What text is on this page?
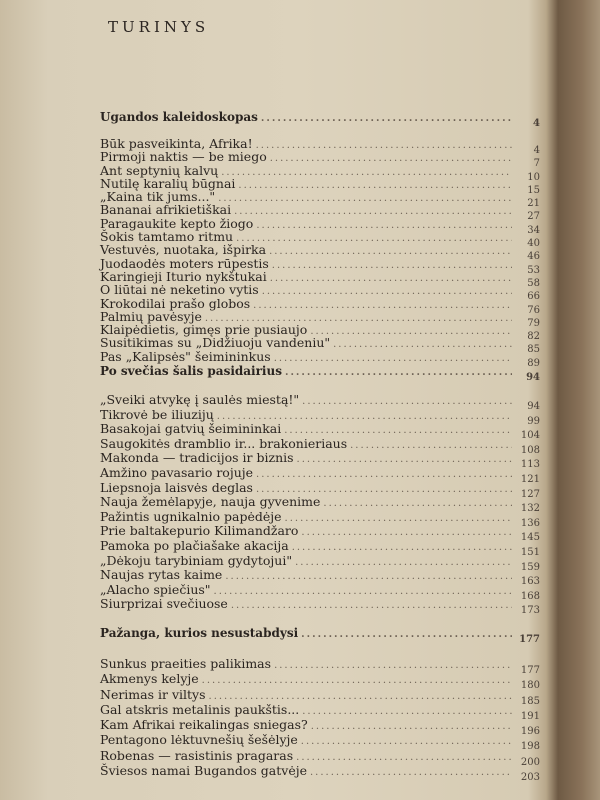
TURINYS
Ugandos kaleidoskopas .....	4
Būk pasveikinta, Afrika! .....	4
Pirmoji naktis — be miego .....	7
Ant septynių kalvų .....	10
Nutilę karalių būgnai .....	15
„Kaina tik jums..." .....	21
Bananai afrikietiškai .....	27
Paragaukite kepto žiogo .....	34
Šokis tamtamo ritmu .....	40
Vestuvės, nuotaka, išpirka .....	46
Juodaodės moters rūpestis .....	53
Karingieji Iturio nykštukai .....	58
O liūtai nė neketino vytis .....	66
Krokodilai prašo globos .....	76
Palmių pavėsyje .....	79
Klaipėdietis, gimęs prie pusiaujo .....	82
Susitikimas su „Didžiuoju vandeniu" .....	85
Pas „Kalipsės" šeimininkus .....	89
Po svečias šalis pasidairius .....	94
„Sveiki atvykę į saulės miestą!" .....	94
Tikrovė be iliuzijų .....	99
Basakojai gatvių šeimininkai .....	104
Saugokitės dramblio ir... brakonieriaus .....	108
Makonda — tradicijos ir biznis .....	113
Amžino pavasario rojuje .....	121
Liepsnoja laisvės deglas .....	127
Nauja žemėlapyje, nauja gyvenime .....	132
Pažintis ugnikalnio papėdėje .....	136
Prie baltakepurio Kilimandžaro .....	145
Pamoka po plačiašake akacija .....	151
„Dėkoju tarybiniam gydytojui" .....	159
Naujas rytas kaime .....	163
„Alacho spiečius" .....	168
Siurprizai svečiuose .....	173
Pažanga, kurios nesustabdysi .....	177
Sunkus praeities palikimas .....	177
Akmenys kelyje .....	180
Nerimas ir viltys .....	185
Gal atskris metalinis paukštis... .....	191
Kam Afrikai reikalingas sniegas? .....	196
Pentagono lėktuvnešių šešėlyje .....	198
Robenas — rasistinis pragaras .....	200
Šviesos namai Bugandos gatvėje .....	203
